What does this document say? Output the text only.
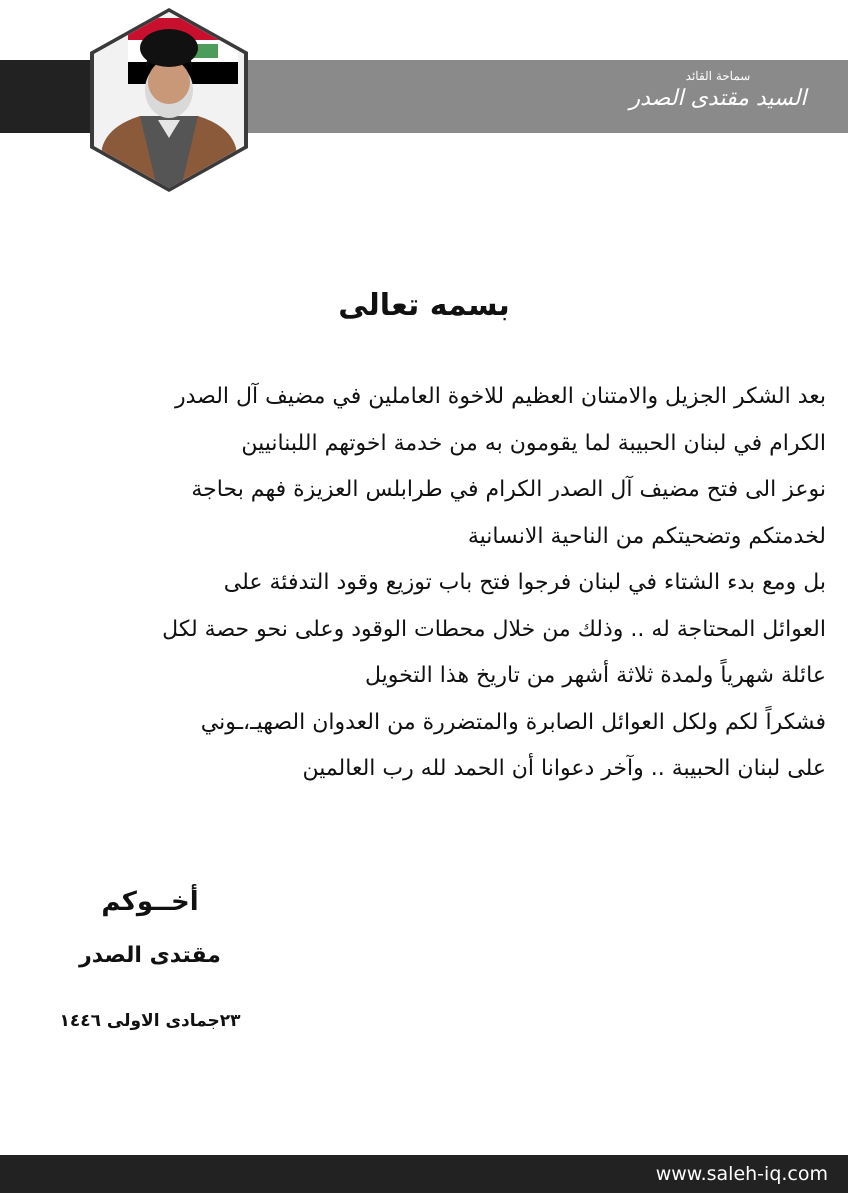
سماحة القائد
السيد مقتدى الصدر
بسمه تعالى

بعد الشكر الجزيل والامتنان العظيم للاخوة العاملين في مضيف آل الصدر

الكرام في لبنان الحبيبة لما يقومون به من خدمة اخوتهم اللبنانيين

نوعز الى فتح مضيف آل الصدر الكرام في طرابلس العزيزة فهم بحاجة

لخدمتكم وتضحيتكم من الناحية الانسانية

بل ومع بدء الشتاء في لبنان فرجوا فتح باب توزيع وقود التدفئة على

العوائل المحتاجة له .. وذلك من خلال محطات الوقود وعلى نحو حصة لكل

عائلة شهرياً ولمدة ثلاثة أشهر من تاريخ هذا التخويل

فشكراً لكم ولكل العوائل الصابرة والمتضررة من العدوان الصهيـ،ـوني

على لبنان الحبيبة .. وآخر دعوانا أن الحمد لله رب العالمين

أخــوكم
مقتدى الصدر
٢٣جمادى الاولى ١٤٤٦
www.saleh-iq.com
